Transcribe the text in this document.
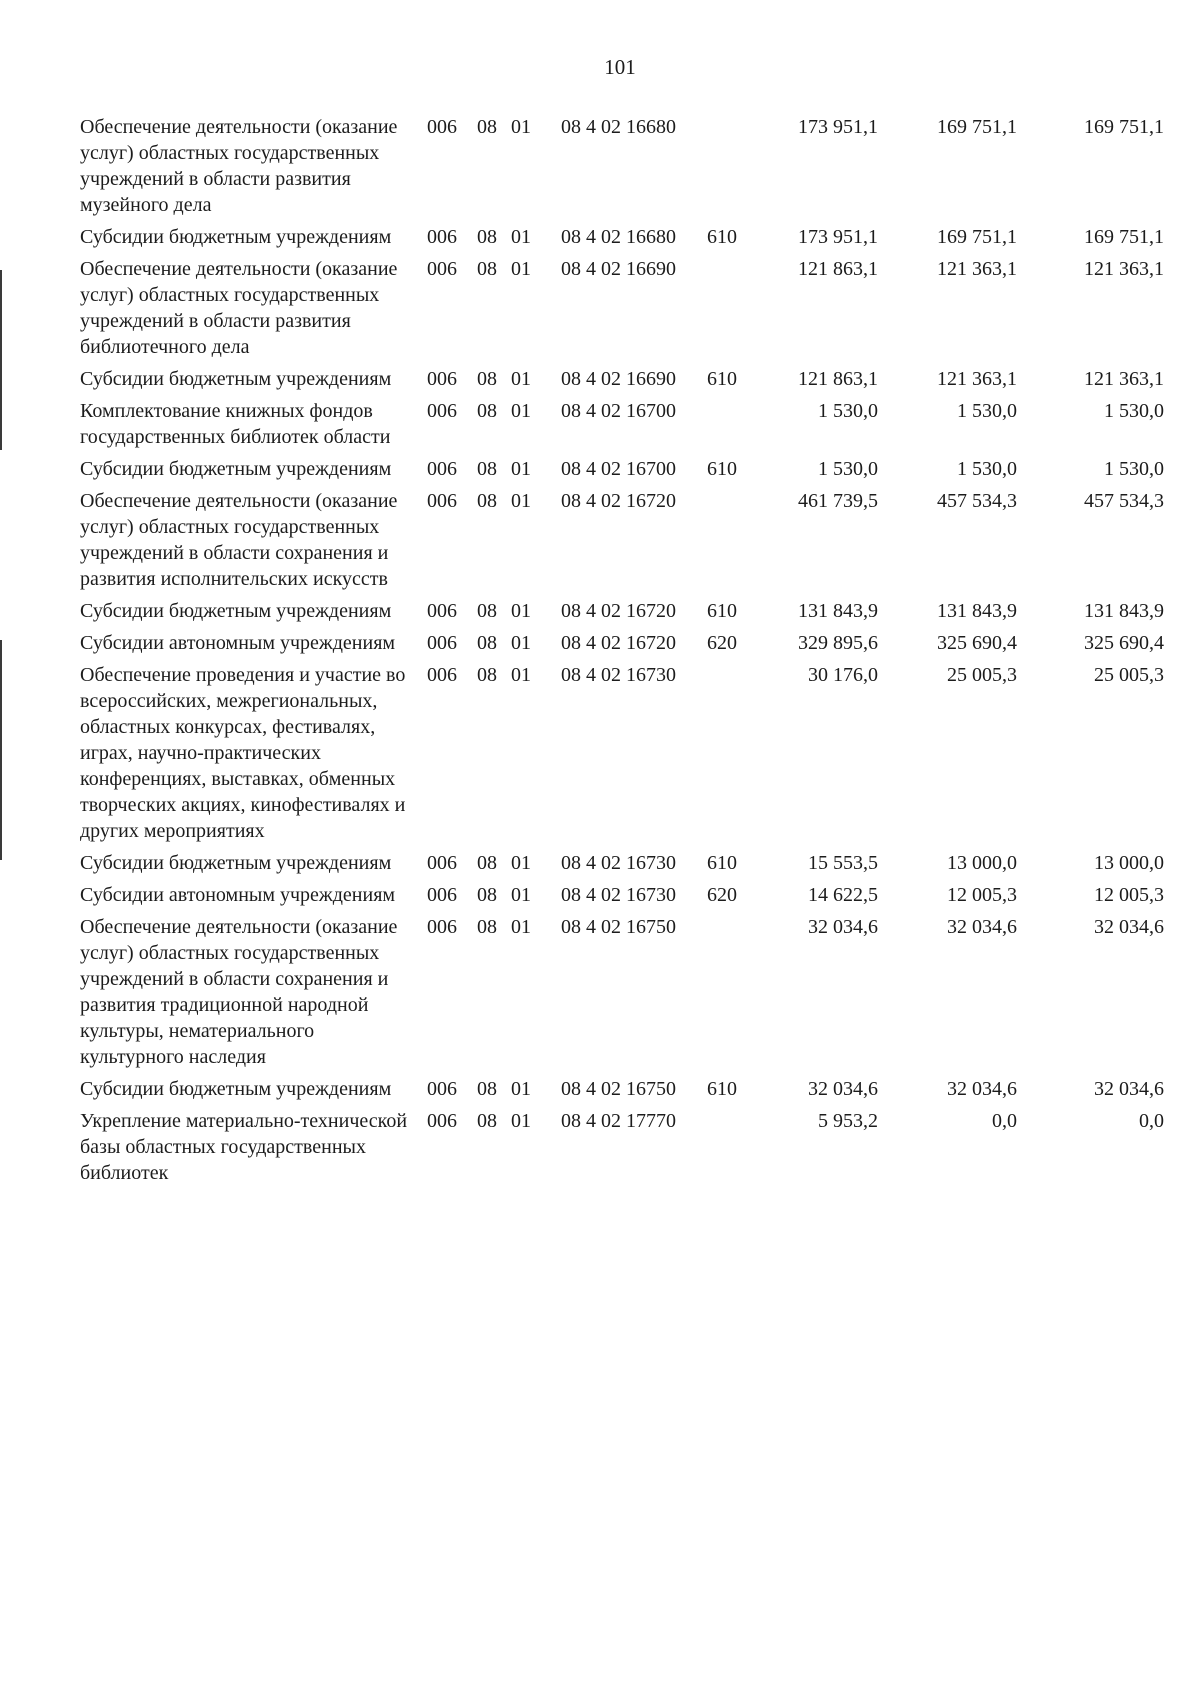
101
Обеспечение деятельности (оказание услуг) областных государственных учреждений в области развития музейного дела
006 08 01 08 4 02 16680	173 951,1	169 751,1	169 751,1
Субсидии бюджетным учреждениям	006 08 01 08 4 02 16680 610	173 951,1	169 751,1	169 751,1
Обеспечение деятельности (оказание услуг) областных государственных учреждений в области развития библиотечного дела
006 08 01 08 4 02 16690	121 863,1	121 363,1	121 363,1
Субсидии бюджетным учреждениям	006 08 01 08 4 02 16690 610	121 863,1	121 363,1	121 363,1
Комплектование книжных фондов государственных библиотек области
006 08 01 08 4 02 16700	1 530,0	1 530,0	1 530,0
Субсидии бюджетным учреждениям	006 08 01 08 4 02 16700 610	1 530,0	1 530,0	1 530,0
Обеспечение деятельности (оказание услуг) областных государственных учреждений в области сохранения и развития исполнительских искусств
006 08 01 08 4 02 16720	461 739,5	457 534,3	457 534,3
Субсидии бюджетным учреждениям	006 08 01 08 4 02 16720 610	131 843,9	131 843,9	131 843,9
Субсидии автономным учреждениям	006 08 01 08 4 02 16720 620	329 895,6	325 690,4	325 690,4
Обеспечение проведения и участие во всероссийских, межрегиональных, областных конкурсах, фестивалях, играх, научно-практических конференциях, выставках, обменных творческих акциях, кинофестивалях и других мероприятиях
006 08 01 08 4 02 16730	30 176,0	25 005,3	25 005,3
Субсидии бюджетным учреждениям	006 08 01 08 4 02 16730 610	15 553,5	13 000,0	13 000,0
Субсидии автономным учреждениям	006 08 01 08 4 02 16730 620	14 622,5	12 005,3	12 005,3
Обеспечение деятельности (оказание услуг) областных государственных учреждений в области сохранения и развития традиционной народной культуры, нематериального культурного наследия
006 08 01 08 4 02 16750	32 034,6	32 034,6	32 034,6
Субсидии бюджетным учреждениям	006 08 01 08 4 02 16750 610	32 034,6	32 034,6	32 034,6
Укрепление материально-технической базы областных государственных библиотек
006 08 01 08 4 02 17770	5 953,2	0,0	0,0
